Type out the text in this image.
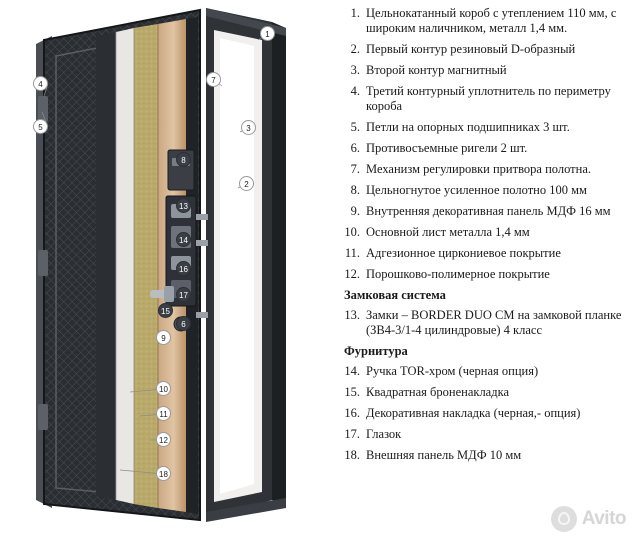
1
4
5
7
3
8
2
13
14
16
17
15
6
9
10
11
12
18
1. Цельнокатанный короб с утеплением 110 мм, с широким наличником, металл 1,4 мм.
2. Первый контур резиновый D-образный
3. Второй контур магнитный
4. Третий контурный уплотнитель по периметру короба
5. Петли на опорных подшипниках 3 шт.
6. Противосъемные ригели 2 шт.
7. Механизм регулировки притвора полотна.
8. Цельногнутое усиленное полотно 100 мм
9. Внутренняя декоративная панель МДФ 16 мм
10. Основной лист металла 1,4 мм
11. Адгезионное циркониевое покрытие
12. Порошково-полимерное покрытие
Замковая система
13. Замки – BORDER DUO CM на замковой планке (ЗВ4-3/1-4 цилиндровые) 4 класс
Фурнитура
14. Ручка TOR-хром (черная опция)
15. Квадратная броненакладка
16. Декоративная накладка (черная,- опция)
17. Глазок
18. Внешняя панель МДФ 10 мм
Avito
